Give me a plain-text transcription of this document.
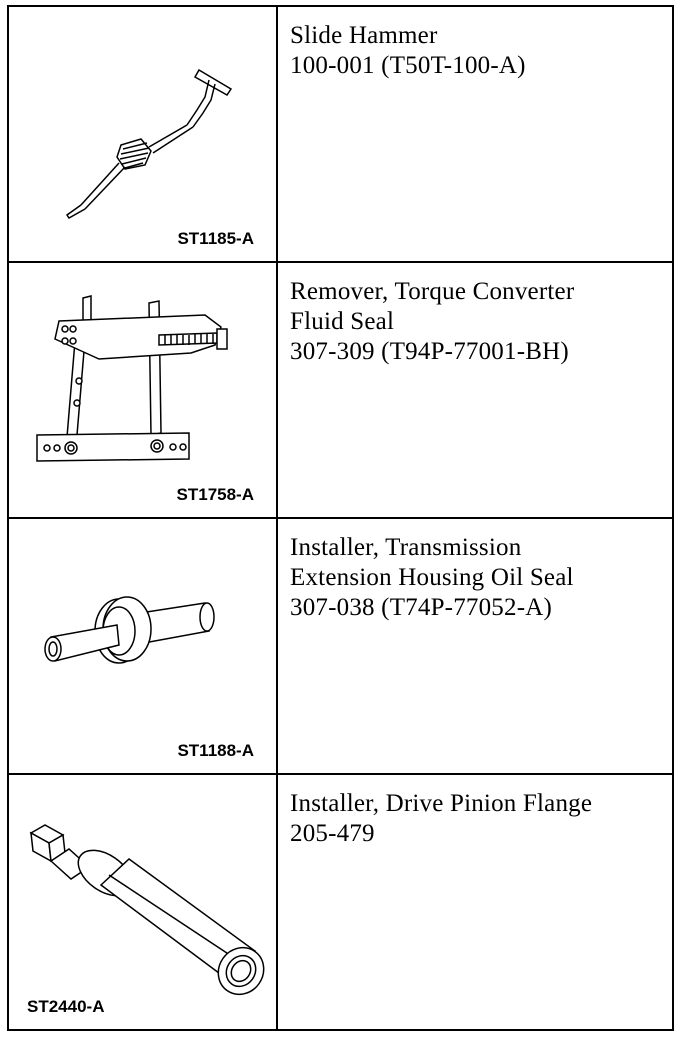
ST1185-A	Slide Hammer
100-001 (T50T-100-A)

ST1758-A	Remover, Torque Converter
Fluid Seal
307-309 (T94P-77001-BH)

ST1188-A	Installer, Transmission
Extension Housing Oil Seal
307-038 (T74P-77052-A)

ST2440-A	Installer, Drive Pinion Flange
205-479
